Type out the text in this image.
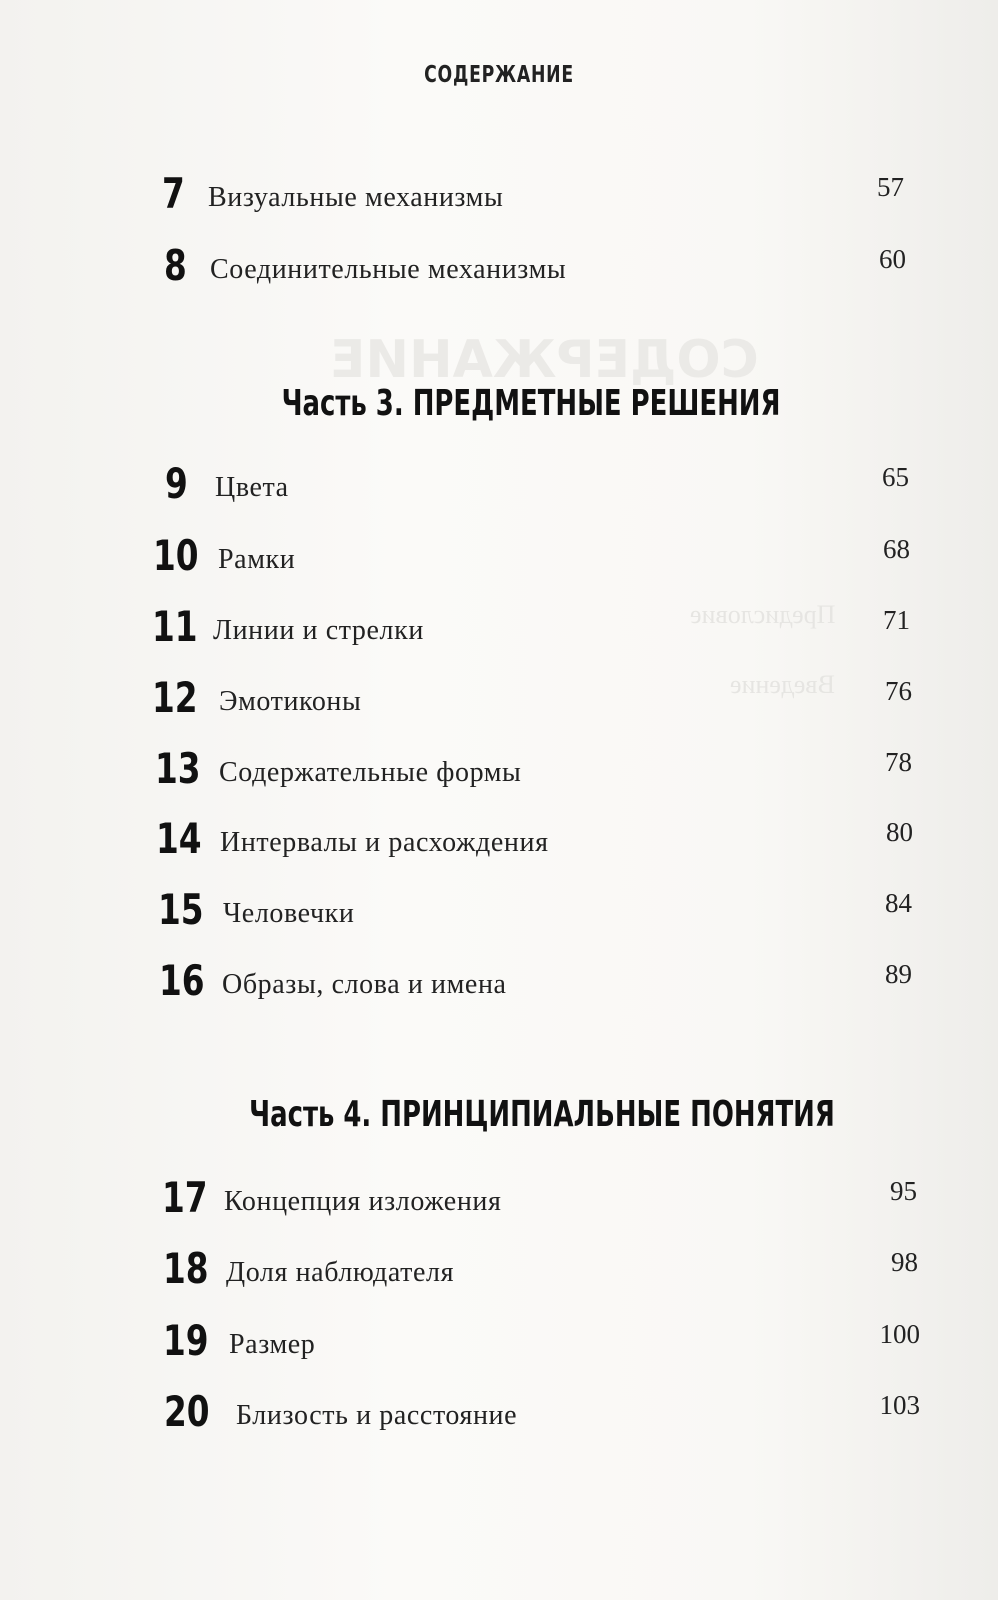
СОДЕРЖАНИЕ
Предисловие
Введение
СОДЕРЖАНИЕ
7 Визуальные механизмы	57
8 Соединительные механизмы	60
Часть 3. ПРЕДМЕТНЫЕ РЕШЕНИЯ
9 Цвета	65
10 Рамки	68
11 Линии и стрелки	71
12 Эмотиконы	76
13 Содержательные формы	78
14 Интервалы и расхождения	80
15 Человечки	84
16 Образы, слова и имена	89
Часть 4. ПРИНЦИПИАЛЬНЫЕ ПОНЯТИЯ
17 Концепция изложения	95
18 Доля наблюдателя	98
19 Размер	100
20 Близость и расстояние	103
